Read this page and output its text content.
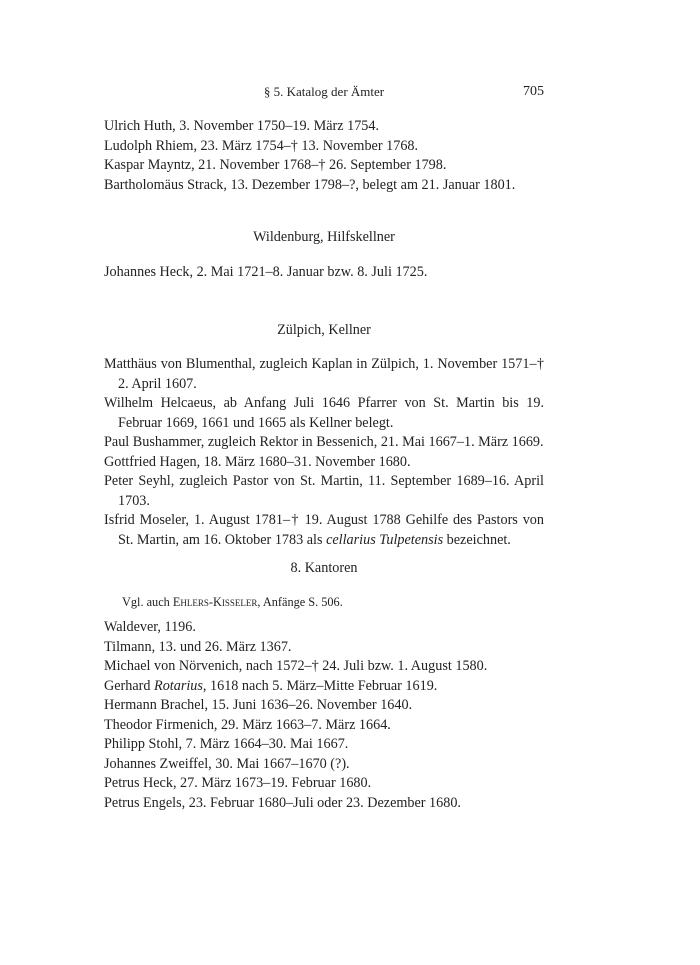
§ 5. Katalog der Ämter	705

Ulrich Huth, 3. November 1750–19. März 1754.

Ludolph Rhiem, 23. März 1754–† 13. November 1768.

Kaspar Mayntz, 21. November 1768–† 26. September 1798.

Bartholomäus Strack, 13. Dezember 1798–?, belegt am 21. Januar 1801.

Wildenburg, Hilfskellner

Johannes Heck, 2. Mai 1721–8. Januar bzw. 8. Juli 1725.

Zülpich, Kellner

Matthäus von Blumenthal, zugleich Kaplan in Zülpich, 1. November 1571–† 2. April 1607.

Wilhelm Helcaeus, ab Anfang Juli 1646 Pfarrer von St. Martin bis 19. Februar 1669, 1661 und 1665 als Kellner belegt.

Paul Bushammer, zugleich Rektor in Bessenich, 21. Mai 1667–1. März 1669.

Gottfried Hagen, 18. März 1680–31. November 1680.

Peter Seyhl, zugleich Pastor von St. Martin, 11. September 1689–16. April 1703.

Isfrid Moseler, 1. August 1781–† 19. August 1788 Gehilfe des Pastors von St. Martin, am 16. Oktober 1783 als cellarius Tulpetensis bezeichnet.

8. Kantoren
Vgl. auch Ehlers-Kisseler, Anfänge S. 506.

Waldever, 1196.

Tilmann, 13. und 26. März 1367.

Michael von Nörvenich, nach 1572–† 24. Juli bzw. 1. August 1580.

Gerhard Rotarius, 1618 nach 5. März–Mitte Februar 1619.

Hermann Brachel, 15. Juni 1636–26. November 1640.

Theodor Firmenich, 29. März 1663–7. März 1664.

Philipp Stohl, 7. März 1664–30. Mai 1667.

Johannes Zweiffel, 30. Mai 1667–1670 (?).

Petrus Heck, 27. März 1673–19. Februar 1680.

Petrus Engels, 23. Februar 1680–Juli oder 23. Dezember 1680.
